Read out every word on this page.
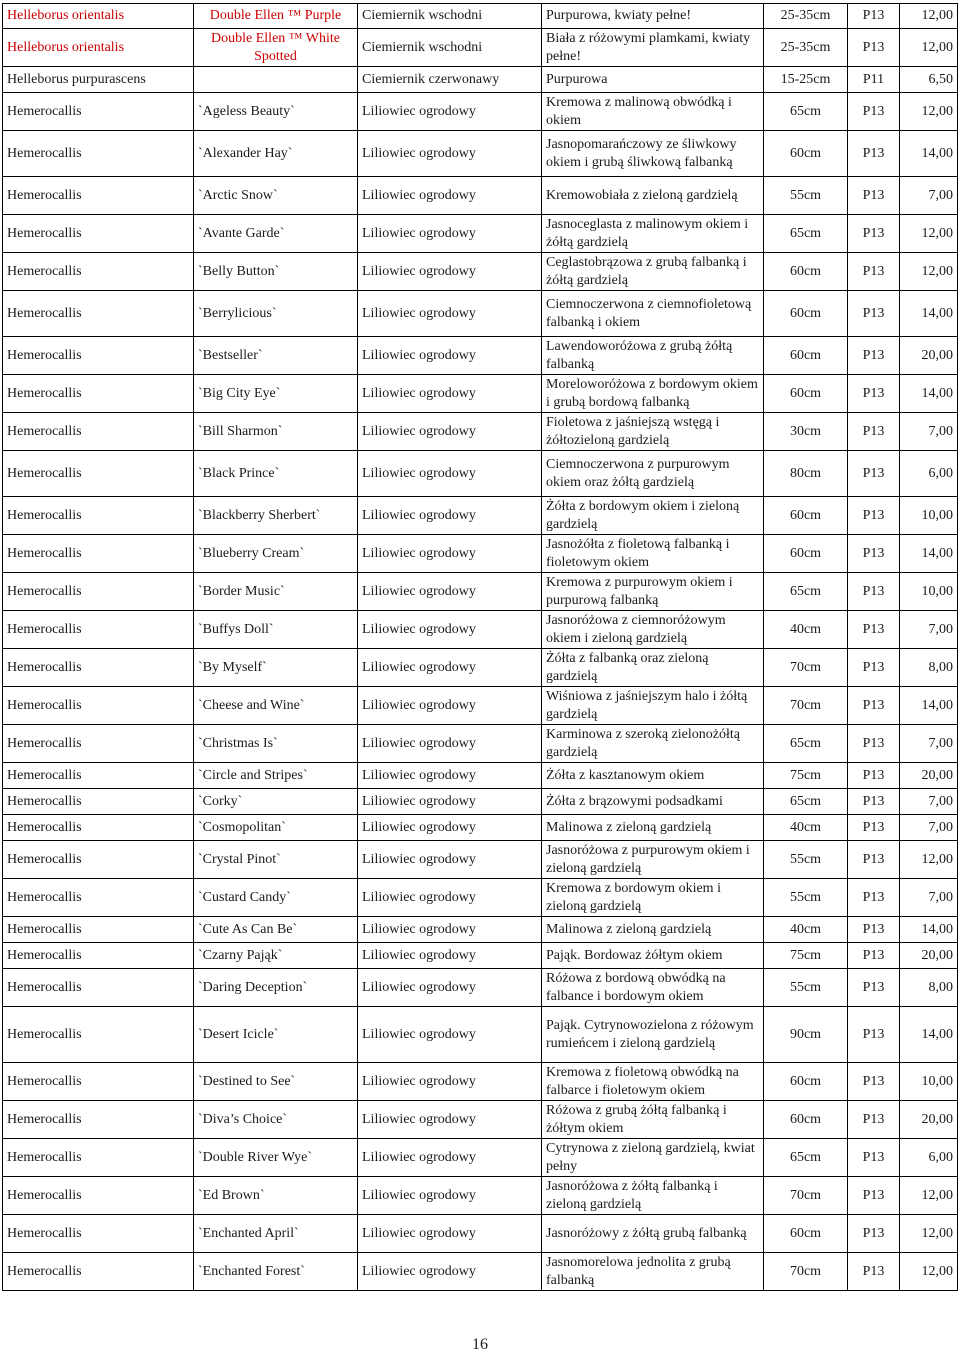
Helleborus orientalis	Double Ellen ™ Purple	Ciemiernik wschodni	Purpurowa, kwiaty pełne!	25-35cm	P13	12,00
Helleborus orientalis	Double Ellen ™ White Spotted	Ciemiernik wschodni	Biała z różowymi plamkami, kwiaty pełne!	25-35cm	P13	12,00
Helleborus purpurascens		Ciemiernik czerwonawy	Purpurowa	15-25cm	P11	6,50
Hemerocallis	`Ageless Beauty`	Liliowiec ogrodowy	Kremowa z malinową obwódką i okiem	65cm	P13	12,00
Hemerocallis	`Alexander Hay`	Liliowiec ogrodowy	Jasnopomarańczowy ze śliwkowy okiem i grubą śliwkową falbanką	60cm	P13	14,00
Hemerocallis	`Arctic Snow`	Liliowiec ogrodowy	Kremowobiała z zieloną gardzielą	55cm	P13	7,00
Hemerocallis	`Avante Garde`	Liliowiec ogrodowy	Jasnoceglasta z malinowym okiem i żółtą gardzielą	65cm	P13	12,00
Hemerocallis	`Belly Button`	Liliowiec ogrodowy	Ceglastobrązowa z grubą falbanką i żółtą gardzielą	60cm	P13	12,00
Hemerocallis	`Berrylicious`	Liliowiec ogrodowy	Ciemnoczerwona z ciemnofioletową falbanką i okiem	60cm	P13	14,00
Hemerocallis	`Bestseller`	Liliowiec ogrodowy	Lawendoworóżowa z grubą żółtą falbanką	60cm	P13	20,00
Hemerocallis	`Big City Eye`	Liliowiec ogrodowy	Moreloworóżowa z bordowym okiem i grubą bordową falbanką	60cm	P13	14,00
Hemerocallis	`Bill Sharmon`	Liliowiec ogrodowy	Fioletowa z jaśniejszą wstęgą i żółtozieloną gardzielą	30cm	P13	7,00
Hemerocallis	`Black Prince`	Liliowiec ogrodowy	Ciemnoczerwona z purpurowym okiem oraz żółtą gardzielą	80cm	P13	6,00
Hemerocallis	`Blackberry Sherbert`	Liliowiec ogrodowy	Żółta z bordowym okiem i zieloną gardzielą	60cm	P13	10,00
Hemerocallis	`Blueberry Cream`	Liliowiec ogrodowy	Jasnożółta z fioletową falbanką i fioletowym okiem	60cm	P13	14,00
Hemerocallis	`Border Music`	Liliowiec ogrodowy	Kremowa z purpurowym okiem i purpurową falbanką	65cm	P13	10,00
Hemerocallis	`Buffys Doll`	Liliowiec ogrodowy	Jasnoróżowa z ciemnoróżowym okiem i zieloną gardzielą	40cm	P13	7,00
Hemerocallis	`By Myself`	Liliowiec ogrodowy	Żółta z falbanką oraz zieloną gardzielą	70cm	P13	8,00
Hemerocallis	`Cheese and Wine`	Liliowiec ogrodowy	Wiśniowa z jaśniejszym halo i żółtą gardzielą	70cm	P13	14,00
Hemerocallis	`Christmas Is`	Liliowiec ogrodowy	Karminowa z szeroką zielonożółtą gardzielą	65cm	P13	7,00
Hemerocallis	`Circle and Stripes`	Liliowiec ogrodowy	Żółta z kasztanowym okiem	75cm	P13	20,00
Hemerocallis	`Corky`	Liliowiec ogrodowy	Żółta z brązowymi podsadkami	65cm	P13	7,00
Hemerocallis	`Cosmopolitan`	Liliowiec ogrodowy	Malinowa z zieloną gardzielą	40cm	P13	7,00
Hemerocallis	`Crystal Pinot`	Liliowiec ogrodowy	Jasnoróżowa z purpurowym okiem i zieloną gardzielą	55cm	P13	12,00
Hemerocallis	`Custard Candy`	Liliowiec ogrodowy	Kremowa z bordowym okiem i zieloną gardzielą	55cm	P13	7,00
Hemerocallis	`Cute As Can Be`	Liliowiec ogrodowy	Malinowa z zieloną gardzielą	40cm	P13	14,00
Hemerocallis	`Czarny Pająk`	Liliowiec ogrodowy	Pająk. Bordowaz żółtym okiem	75cm	P13	20,00
Hemerocallis	`Daring Deception`	Liliowiec ogrodowy	Różowa z bordową obwódką na falbance i bordowym okiem	55cm	P13	8,00
Hemerocallis	`Desert Icicle`	Liliowiec ogrodowy	Pająk. Cytrynowozielona z różowym rumieńcem i zieloną gardzielą	90cm	P13	14,00
Hemerocallis	`Destined to See`	Liliowiec ogrodowy	Kremowa z fioletową obwódką na falbarce i fioletowym okiem	60cm	P13	10,00
Hemerocallis	`Diva’s Choice`	Liliowiec ogrodowy	Różowa z grubą żółtą falbanką i żółtym okiem	60cm	P13	20,00
Hemerocallis	`Double River Wye`	Liliowiec ogrodowy	Cytrynowa z zieloną gardzielą, kwiat pełny	65cm	P13	6,00
Hemerocallis	`Ed Brown`	Liliowiec ogrodowy	Jasnoróżowa z żółtą falbanką i zieloną gardzielą	70cm	P13	12,00
Hemerocallis	`Enchanted April`	Liliowiec ogrodowy	Jasnoróżowy z żółtą grubą falbanką	60cm	P13	12,00
Hemerocallis	`Enchanted Forest`	Liliowiec ogrodowy	Jasnomorelowa jednolita z grubą falbanką	70cm	P13	12,00
16
